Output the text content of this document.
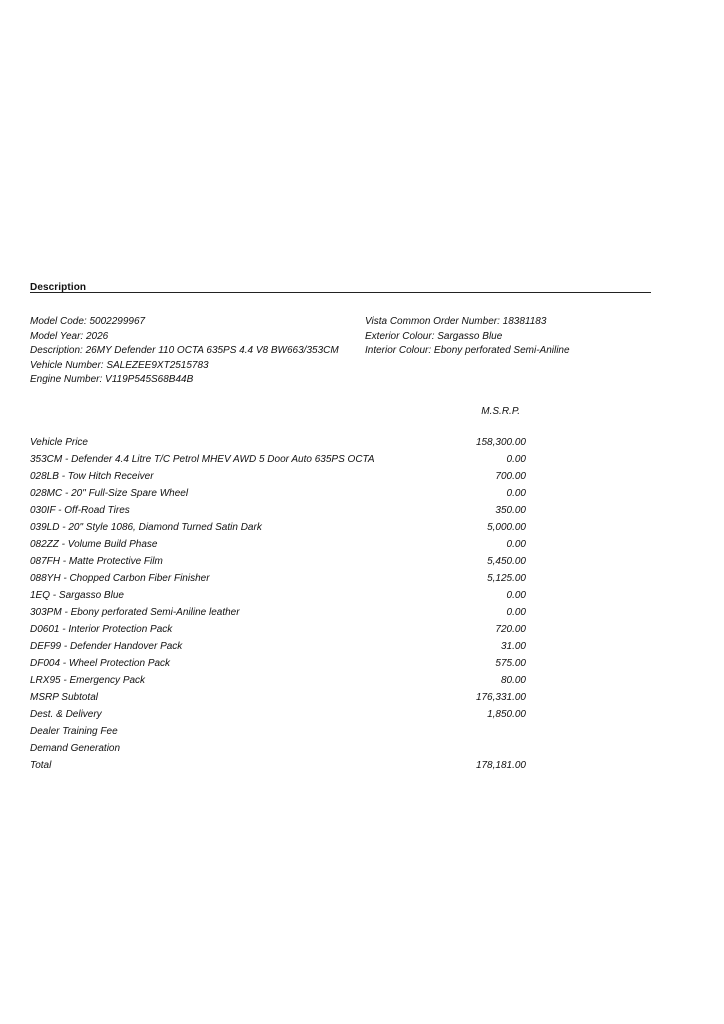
Description
Model Code: 5002299967
Model Year: 2026
Description: 26MY Defender 110 OCTA 635PS 4.4 V8 BW663/353CM
Vehicle Number: SALEZEE9XT2515783
Engine Number: V119P545S68B44B
Vista Common Order Number: 18381183
Exterior Colour: Sargasso Blue
Interior Colour: Ebony perforated Semi-Aniline
M.S.R.P.
Vehicle Price	158,300.00
353CM - Defender 4.4 Litre T/C Petrol MHEV AWD 5 Door Auto 635PS OCTA	0.00
028LB - Tow Hitch Receiver	700.00
028MC - 20" Full-Size Spare Wheel	0.00
030IF - Off-Road Tires	350.00
039LD - 20" Style 1086, Diamond Turned Satin Dark	5,000.00
082ZZ - Volume Build Phase	0.00
087FH - Matte Protective Film	5,450.00
088YH - Chopped Carbon Fiber Finisher	5,125.00
1EQ - Sargasso Blue	0.00
303PM - Ebony perforated Semi-Aniline leather	0.00
D0601 - Interior Protection Pack	720.00
DEF99 - Defender Handover Pack	31.00
DF004 - Wheel Protection Pack	575.00
LRX95 - Emergency Pack	80.00
MSRP Subtotal	176,331.00
Dest. & Delivery	1,850.00
Dealer Training Fee
Demand Generation
Total	178,181.00
